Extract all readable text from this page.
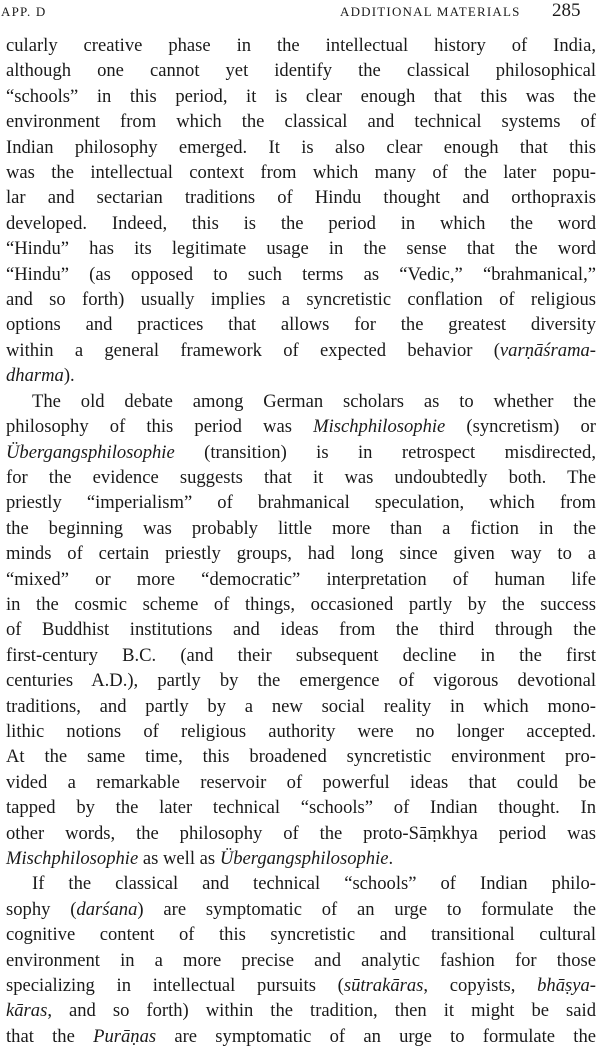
APP. D	ADDITIONAL MATERIALS 285
cularly creative phase in the intellectual history of India,
although one cannot yet identify the classical philosophical
“schools” in this period, it is clear enough that this was the
environment from which the classical and technical systems of
Indian philosophy emerged. It is also clear enough that this
was the intellectual context from which many of the later popu-
lar and sectarian traditions of Hindu thought and orthopraxis
developed. Indeed, this is the period in which the word
“Hindu” has its legitimate usage in the sense that the word
“Hindu” (as opposed to such terms as “Vedic,” “brahmanical,”
and so forth) usually implies a syncretistic conflation of religious
options and practices that allows for the greatest diversity
within a general framework of expected behavior (varṇāśrama-
dharma).
The old debate among German scholars as to whether the
philosophy of this period was Mischphilosophie (syncretism) or
Übergangsphilosophie (transition) is in retrospect misdirected,
for the evidence suggests that it was undoubtedly both. The
priestly “imperialism” of brahmanical speculation, which from
the beginning was probably little more than a fiction in the
minds of certain priestly groups, had long since given way to a
“mixed” or more “democratic” interpretation of human life
in the cosmic scheme of things, occasioned partly by the success
of Buddhist institutions and ideas from the third through the
first-century B.C. (and their subsequent decline in the first
centuries A.D.), partly by the emergence of vigorous devotional
traditions, and partly by a new social reality in which mono-
lithic notions of religious authority were no longer accepted.
At the same time, this broadened syncretistic environment pro-
vided a remarkable reservoir of powerful ideas that could be
tapped by the later technical “schools” of Indian thought. In
other words, the philosophy of the proto-Sāṃkhya period was
Mischphilosophie as well as Übergangsphilosophie.
If the classical and technical “schools” of Indian philo-
sophy (darśana) are symptomatic of an urge to formulate the
cognitive content of this syncretistic and transitional cultural
environment in a more precise and analytic fashion for those
specializing in intellectual pursuits (sūtrakāras, copyists, bhāṣya-
kāras, and so forth) within the tradition, then it might be said
that the Purāṇas are symptomatic of an urge to formulate the
